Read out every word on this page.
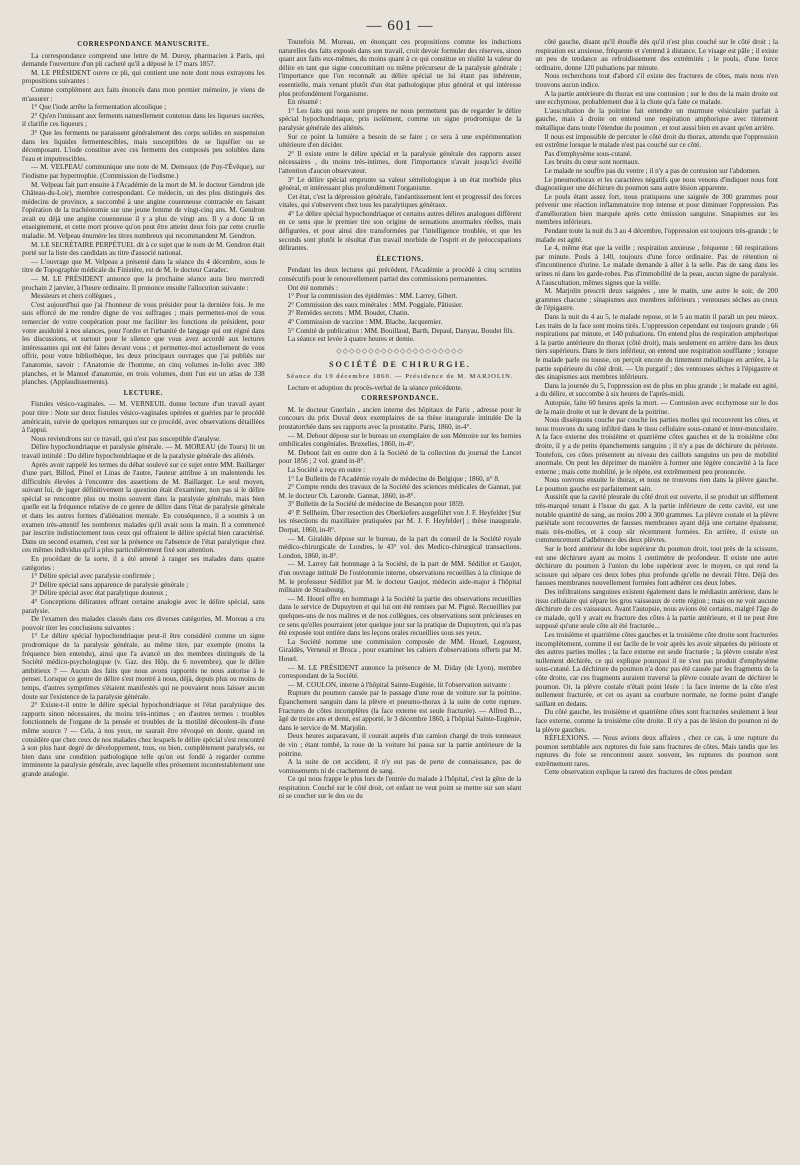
— 601 —
CORRESPONDANCE MANUSCRITE.

La correspondance comprend une lettre de M. Duroy, pharmacien à Paris, qui demande l'ouverture d'un pli cacheté qu'il a déposé le 17 mars 1857.

M. LE PRÉSIDENT ouvre ce pli, qui contient une note dont nous extrayons les propositions suivantes :

Comme complément aux faits énoncés dans mon premier mémoire, je viens de m'assurer :

1° Que l'iode arrête la fermentation alcoolique ;

2° Qu'en l'unissant aux ferments naturellement contenus dans les liqueurs sucrées, il clarifie ces liqueurs ;

3° Que les ferments ne paraissent généralement des corps solides en suspension dans les liquides fermentescibles, mais susceptibles de se liquéfier ou se décomposant. L'iode constitue avec ces ferments des composés peu solubles dans l'eau et imputrescibles.

— M. VELPEAU communique une note de M. Demeaux (de Puy-l'Évêque), sur l'iodisme par hypertrophie. (Commission de l'iodisme.)

M. Velpeau fait part ensuite à l'Académie de la mort de M. le docteur Gendron (de Château-du-Loir), membre correspondant. Ce médecin, un des plus distingués des médecins de province, a succombé à une angine couenneuse contractée en faisant l'opération de la trachéotomie sur une jeune femme de vingt-cinq ans. M. Gendron avait eu déjà une angine couenneuse il y a plus de vingt ans. Il y a donc là un enseignement, et cette mort prouve qu'on peut être atteint deux fois par cette cruelle maladie. M. Velpeau énumère les titres nombreux qui recommandent M. Gendron.

M. LE SECRÉTAIRE PERPÉTUEL dit à ce sujet que le nom de M. Gendron était porté sur la liste des candidats au titre d'associé national.

— L'ouvrage que M. Velpeau a présenté dans la séance du 4 décembre, sous le titre de Topographie médicale du Finistère, est de M. le docteur Caradec.

— M. LE PRÉSIDENT annonce que la prochaine séance aura lieu mercredi prochain 2 janvier, à l'heure ordinaire. Il prononce ensuite l'allocution suivante :

Messieurs et chers collègues ,

C'est aujourd'hui que j'ai l'honneur de vous présider pour la dernière fois. Je me suis efforcé de me rendre digne de vos suffrages ; mais permettez-moi de vous remercier de votre coopération pour me faciliter les fonctions de président, pour votre assiduité à nos séances, pour l'ordre et l'urbanité de langage qui ont régné dans les discussions, et surtout pour le silence que vous avez accordé aux lectures intéressantes qui ont été faites devant vous ; et permettez-moi actuellement de vous offrir, pour votre bibliothèque, les deux principaux ouvrages que j'ai publiés sur l'anatomie, savoir : l'Anatomie de l'homme, en cinq volumes in-folio avec 380 planches, et le Manuel d'anatomie, en trois volumes, dont l'un est un atlas de 338 planches. (Applaudissements).

LECTURE.

Fistules vésico-vaginales. — M. VERNEUIL donne lecture d'un travail ayant pour titre : Note sur deux fistules vésico-vaginales opérées et guéries par le procédé américain, suivie de quelques remarques sur ce procédé, avec observations détaillées à l'appui.

Nous reviendrons sur ce travail, qui n'est pas susceptible d'analyse.

Délire hypochondriaque et paralysie générale. — M. MOREAU (de Tours) lit un travail intitulé : Du délire hypochondriaque et de la paralysie générale des aliénés.

Après avoir rappelé les termes du débat soulevé sur ce sujet entre MM. Baillarger d'une part, Billod, Pinel et Linas de l'autre, l'auteur attribue à un malentendu les difficultés élevées à l'encontre des assertions de M. Baillarger. Le seul moyen, suivant lui, de juger définitivement la question était d'examiner, non pas si le délire spécial se rencontre plus ou moins souvent dans la paralysie générale, mais bien quelle est la fréquence relative de ce genre de délire dans l'état de paralysie générale et dans les autres formes d'aliénation mentale. En conséquence, il a soumis à un examen très-attentif les nombreux malades qu'il avait sous la main. Il a commencé par inscrire indistinctement tous ceux qui offraient le délire spécial bien caractérisé. Dans un second examen, c'est sur la présence ou l'absence de l'état paralytique chez ces mêmes individus qu'il a plus particulièrement fixé son attention.

En procédant de la sorte, il a été amené à ranger ses malades dans quatre catégories :

1° Délire spécial avec paralysie confirmée ;

2° Délire spécial sans apparence de paralysie générale ;

3° Délire spécial avec état paralytique douteux ;

4° Conceptions délirantes offrant certaine analogie avec le délire spécial, sans paralysie.

De l'examen des malades classés dans ces diverses catégories, M. Moreau a cru pouvoir tirer les conclusions suivantes :

1° Le délire spécial hypochondriaque peut-il être considéré comme un signe prodromique de la paralysie générale, au même titre, par exemple (moins la fréquence bien entendu), ainsi que l'a avancé un des membres distingués de la Société médico-psychologique (v. Gaz. des Hôp. du 6 novembre), que le délire ambitieux ? — Aucun des faits que nous avons rapportés ne nous autorise à le penser. Lorsque ce genre de délire s'est montré à nous, déjà, depuis plus ou moins de temps, d'autres symptômes s'étaient manifestés qui ne pouvaient nous laisser aucun doute sur l'existence de la paralysie générale.

2° Existe-t-il entre le délire spécial hypochondriaque et l'état paralytique des rapports sinon nécessaires, du moins très-intimes ; en d'autres termes : troubles fonctionnels de l'organe de la pensée et troubles de la motilité découlent-ils d'une même source ? — Cela, à nos yeux, ne saurait être révoqué en doute, quand on considère que chez ceux de nos malades chez lesquels le délire spécial s'est rencontré à son plus haut degré de développement, tous, ou bien, complètement paralysés, ou bien dans une condition pathologique telle qu'on est fondé à regarder comme imminente la paralysie générale, avec laquelle elles présentent incontestablement une grande analogie.

Toutefois M. Moreau, en énonçant ces propositions comme les inductions naturelles des faits exposés dans son travail, croit devoir formuler des réserves, sinon quant aux faits eux-mêmes, du moins quant à ce qui constitue en réalité la valeur du délire en tant que signe concomitant ou même précurseur de la paralysie générale ; l'importance que l'on reconnaît au délire spécial ne lui étant pas inhérente, essentielle, mais venant plutôt d'un état pathologique plus général et qui intéresse plus profondément l'organisme.

En résumé :

1° Les faits qui nous sont propres ne nous permettent pas de regarder le délire spécial hypochondriaque, pris isolément, comme un signe prodromique de la paralysie générale des aliénés.

Sur ce point la lumière a besoin de se faire ; ce sera à une expérimentation ultérieure d'en décider.

2° Il existe entre le délire spécial et la paralysie générale des rapports assez nécessaires , du moins très-intimes, dont l'importance n'avait jusqu'ici éveillé l'attention d'aucun observateur.

3° Le délire spécial emprunte sa valeur séméiologique à un état morbide plus général, et intéressant plus profondément l'organisme.

Cet état, c'est la dépression générale, l'anéantissement lent et progressif des forces vitales, qui s'observent chez tous les paralytiques généraux.

4° Le délire spécial hypochondriaque et certains autres délires analogues diffèrent en ce sens que le premier tire son origine de sensations anormales réelles, mais défigurées, et pour ainsi dire transformées par l'intelligence troublée, et que les seconds sont plutôt le résultat d'un travail morbide de l'esprit et de préoccupations délirantes.

ÉLECTIONS.

Pendant les deux lectures qui précèdent, l'Académie a procédé à cinq scrutins consécutifs pour le renouvellement partiel des commissions permanentes.

Ont été nommés :

1° Pour la commission des épidémies : MM. Larrey, Gibert.

2° Commission des eaux minérales : MM. Poggiale, Pâtissier.

3° Remèdes secrets : MM. Boudet, Chatin.

4° Commission de vaccine : MM. Blache, Jacquemier.

5° Comité de publication : MM. Bouillaud, Barth, Depaul, Danyau, Boudet fils.

La séance est levée à quatre heures et demie.

◇◇◇◇◇◇◇◇◇◇◇◇◇◇◇◇◇◇◇◇
SOCIÉTÉ DE CHIRURGIE.
Séance du 19 décembre 1860. — Présidence de M. MARJOLIN.

Lecture et adoption du procès-verbal de la séance précédente.

CORRESPONDANCE.

M. le docteur Guerlain , ancien interne des hôpitaux de Paris , adresse pour le concours du prix Duval deux exemplaires de sa thèse inaugurale intitulée De la prostatorrhée dans ses rapports avec la prostatite. Paris, 1860, in-4°.

— M. Debout dépose sur le bureau un exemplaire de son Mémoire sur les hernies ombilicales congéniales. Bruxelles, 1860, in-4°.

M. Debout fait en outre don à la Société de la collection du journal the Lancet pour 1856 ; 2 vol. grand in-8°.

La Société a reçu en outre :

1° Le Bulletin de l'Académie royale de médecine de Belgique ; 1860, n° 8.

2° Compte rendu des travaux de la Société des sciences médicales de Gannat, par M. le docteur Ch. Laronde. Gannat, 1860, in-8°.

3° Bulletin de la Société de médecine de Besançon pour 1859.

4° P. Sellheim. Über resection des Oberkiefers ausgeführt von J. F. Heyfelder [Sur les résections du maxillaire pratiquées par M. J. F. Heyfelder] ; thèse inaugurale. Dorpat, 1860, in-8°.

— M. Giraldès dépose sur le bureau, de la part du conseil de la Société royale médico-chirurgicale de Londres, le 43° vol. des Medico-chirurgical transactions. London, 1860, in-8°.

— M. Larrey fait hommage à la Société, de la part de MM. Sédillot et Gaujot, d'un ouvrage intitulé De l'ostéotomie interne, observations recueillies à la clinique de M. le professeur Sédillot par M. le docteur Gaujot, médecin aide-major à l'hôpital militaire de Strasbourg.

— M. Houel offre en hommage à la Société la partie des observations recueillies dans le service de Dupuytren et qui lui ont été remises par M. Pigné. Recueillies par quelques-uns de nos maîtres et de nos collègues, ces observations sont précieuses en ce sens qu'elles pourraient jeter quelque jour sur la pratique de Dupuytren, qui n'a pas été exposée tout entière dans les leçons orales recueillies sous ses yeux.

La Société nomme une commission composée de MM. Houel, Legouest, Giraldès, Verneuil et Broca , pour examiner les cahiers d'observations offerts par M. Houel.

— M. LE PRÉSIDENT annonce la présence de M. Diday (de Lyon), membre correspondant de la Société.

— M. COULON, interne à l'hôpital Sainte-Eugénie, lit l'observation suivante :

Rupture du poumon causée par le passage d'une roue de voiture sur la poitrine. Épanchement sanguin dans la plèvre et pneumo-thorax à la suite de cette rupture. Fractures de côtes incomplètes (la face externe est seule fracturée). — Alfred B..., âgé de treize ans et demi, est apporté, le 3 décembre 1860, à l'hôpital Sainte-Eugénie, dans le service de M. Marjolin.

Deux heures auparavant, il courait auprès d'un camion chargé de trois tonneaux de vin ; étant tombé, la roue de la voiture lui passa sur la partie antérieure de la poitrine.

A la suite de cet accident, il n'y eut pas de perte de connaissance, pas de vomissements ni de crachement de sang.

Ce qui nous frappe le plus lors de l'entrée du malade à l'hôpital, c'est la gêne de la respiration. Couché sur le côté droit, cet enfant ne veut point se mettre sur son séant ni se coucher sur le dos ou du

côté gauche, disant qu'il étouffe dès qu'il n'est plus couché sur le côté droit ; la respiration est anxieuse, fréquente et s'entend à distance. Le visage est pâle ; il existe un peu de tendance au refroidissement des extrémités ; le pouls, d'une force ordinaire, donne 120 pulsations par minute.

Nous recherchons tout d'abord s'il existe des fractures de côtes, mais nous n'en trouvons aucun indice.

A la partie antérieure du thorax est une contusion ; sur le dos de la main droite est une ecchymose, probablement due à la chute qu'a faite ce malade.

L'auscultation de la poitrine fait entendre un murmure vésiculaire parfait à gauche, mais à droite on entend une respiration amphorique avec tintement métallique dans toute l'étendue du poumon , et tout aussi bien en avant qu'en arrière.

Il nous est impossible de percuter le côté droit du thorax, attendu que l'oppression est extrême lorsque le malade n'est pas couché sur ce côté.

Pas d'emphysème sous-cutané.

Les bruits du cœur sont normaux.

Le malade ne souffre pas du ventre ; il n'y a pas de contusion sur l'abdomen.

Le pneumothorax et les caractères négatifs que nous venons d'indiquer nous font diagnostiquer une déchirure du poumon sans autre lésion apparente.

Le pouls étant assez fort, nous pratiquons une saignée de 300 grammes pour prévenir une réaction inflammatoire trop intense et pour diminuer l'oppression. Pas d'amélioration bien marquée après cette émission sanguine. Sinapismes sur les membres inférieurs.

Pendant toute la nuit du 3 au 4 décembre, l'oppression est toujours très-grande ; le malade est agité.

Le 4, même état que la veille ; respiration anxieuse , fréquente : 60 respirations par minute. Pouls à 140, toujours d'une force ordinaire. Pas de rétention ni d'incontinence d'urine. Le malade demande à aller à la selle. Pas de sang dans les urines ni dans les garde-robes. Pas d'immobilité de la peau, aucun signe de paralysie. A l'auscultation, mêmes signes que la veille.

M. Marjolin prescrit deux saignées , une le matin, une autre le soir, de 200 grammes chacune ; sinapismes aux membres inférieurs ; ventouses sèches au creux de l'épigastre.

Dans la nuit du 4 au 5, le malade repose, et le 5 au matin il paraît un peu mieux. Les traits de la face sont moins tirés. L'oppression cependant est toujours grande ; 66 respirations par minute, et 140 pulsations. On entend plus de respiration amphorique à la partie antérieure du thorax (côté droit), mais seulement en arrière dans les deux tiers supérieurs. Dans le tiers inférieur, on entend une respiration soufflante ; lorsque le malade parle ou tousse, on perçoit encore du tintement métallique en arrière, à la partie supérieure du côté droit. — Un purgatif ; des ventouses sèches à l'épigastre et des sinapismes aux membres inférieurs.

Dans la journée du 5, l'oppression est de plus en plus grande ; le malade est agité, a du délire, et succombe à six heures de l'après-midi.

Autopsie, faite 60 heures après la mort. — Contusion avec ecchymose sur le dos de la main droite et sur le devant de la poitrine.

Nous disséquons couche par couche les parties molles qui recouvrent les côtes, et nous trouvons du sang infiltré dans le tissu cellulaire sous-cutané et inter-musculaire. A la face externe des troisième et quatrième côtes gauches et de la troisième côte droite, il y a de petits épanchements sanguins ; il n'y a pas de déchirure du périoste. Toutefois, ces côtes présentent au niveau des caillots sanguins un peu de mobilité anormale. On peut les déprimer de manière à former une légère concavité à la face externe ; mais cette mobilité, je le répète, est extrêmement peu prononcée.

Nous ouvrons ensuite le thorax, et nous ne trouvons rien dans la plèvre gauche. Le poumon gauche est parfaitement sain.

Aussitôt que la cavité pleurale du côté droit est ouverte, il se produit un sifflement très-marqué tenant à l'issue du gaz. A la partie inférieure de cette cavité, est une notable quantité de sang, au moins 200 à 300 grammes. La plèvre costale et la plèvre pariétale sont recouvertes de fausses membranes ayant déjà une certaine épaisseur, mais très-molles, et à coup sûr récemment formées. En arrière, il existe un commencement d'adhérence des deux plèvres.

Sur le bord antérieur du lobe supérieur du poumon droit, tout près de la scissure, est une déchirure ayant au moins 1 centimètre de profondeur. Il existe une autre déchirure du poumon à l'union du lobe supérieur avec le moyen, ce qui rend la scissure qui sépare ces deux lobes plus profonde qu'elle ne devrait l'être. Déjà des fausses membranes nouvellement formées font adhérer ces deux lobes.

Des infiltrations sanguines existent également dans le médiastin antérieur, dans le tissu cellulaire qui sépare les gros vaisseaux de cette région ; mais on ne voit aucune déchirure de ces vaisseaux. Avant l'autopsie, nous avions été certains, malgré l'âge de ce malade, qu'il y avait eu fracture des côtes à la partie antérieure, et il ne peut être supposé qu'une seule côte ait été fracturée...

Les troisième et quatrième côtes gauches et la troisième côte droite sont fracturées incomplètement, comme il est facile de le voir après les avoir séparées du périoste et des autres parties molles ; la face externe est seule fracturée ; la plèvre costale n'est nullement déchirée, ce qui explique pourquoi il ne s'est pas produit d'emphysème sous-cutané. La déchirure du poumon n'a donc pas été causée par les fragments de la côte droite, car ces fragments auraient traversé la plèvre costale avant de déchirer le poumon. Or, la plèvre costale n'était point lésée : la face interne de la côte n'est nullement fracturée, et cet os ayant sa courbure normale, ne forme point d'angle saillant en dedans.

Du côté gauche, les troisième et quatrième côtes sont fracturées seulement à leur face externe, comme la troisième côte droite. Il n'y a pas de lésion du poumon ni de la plèvre gauches.

RÉFLEXIONS. — Nous avions deux affaires , chez ce cas, à une rupture du poumon semblable aux ruptures du foie sans fractures de côtes. Mais tandis que les ruptures du foie se rencontrent assez souvent, les ruptures du poumon sont extrêmement rares.

Cette observation explique la rareté des fractures de côtes pendant
